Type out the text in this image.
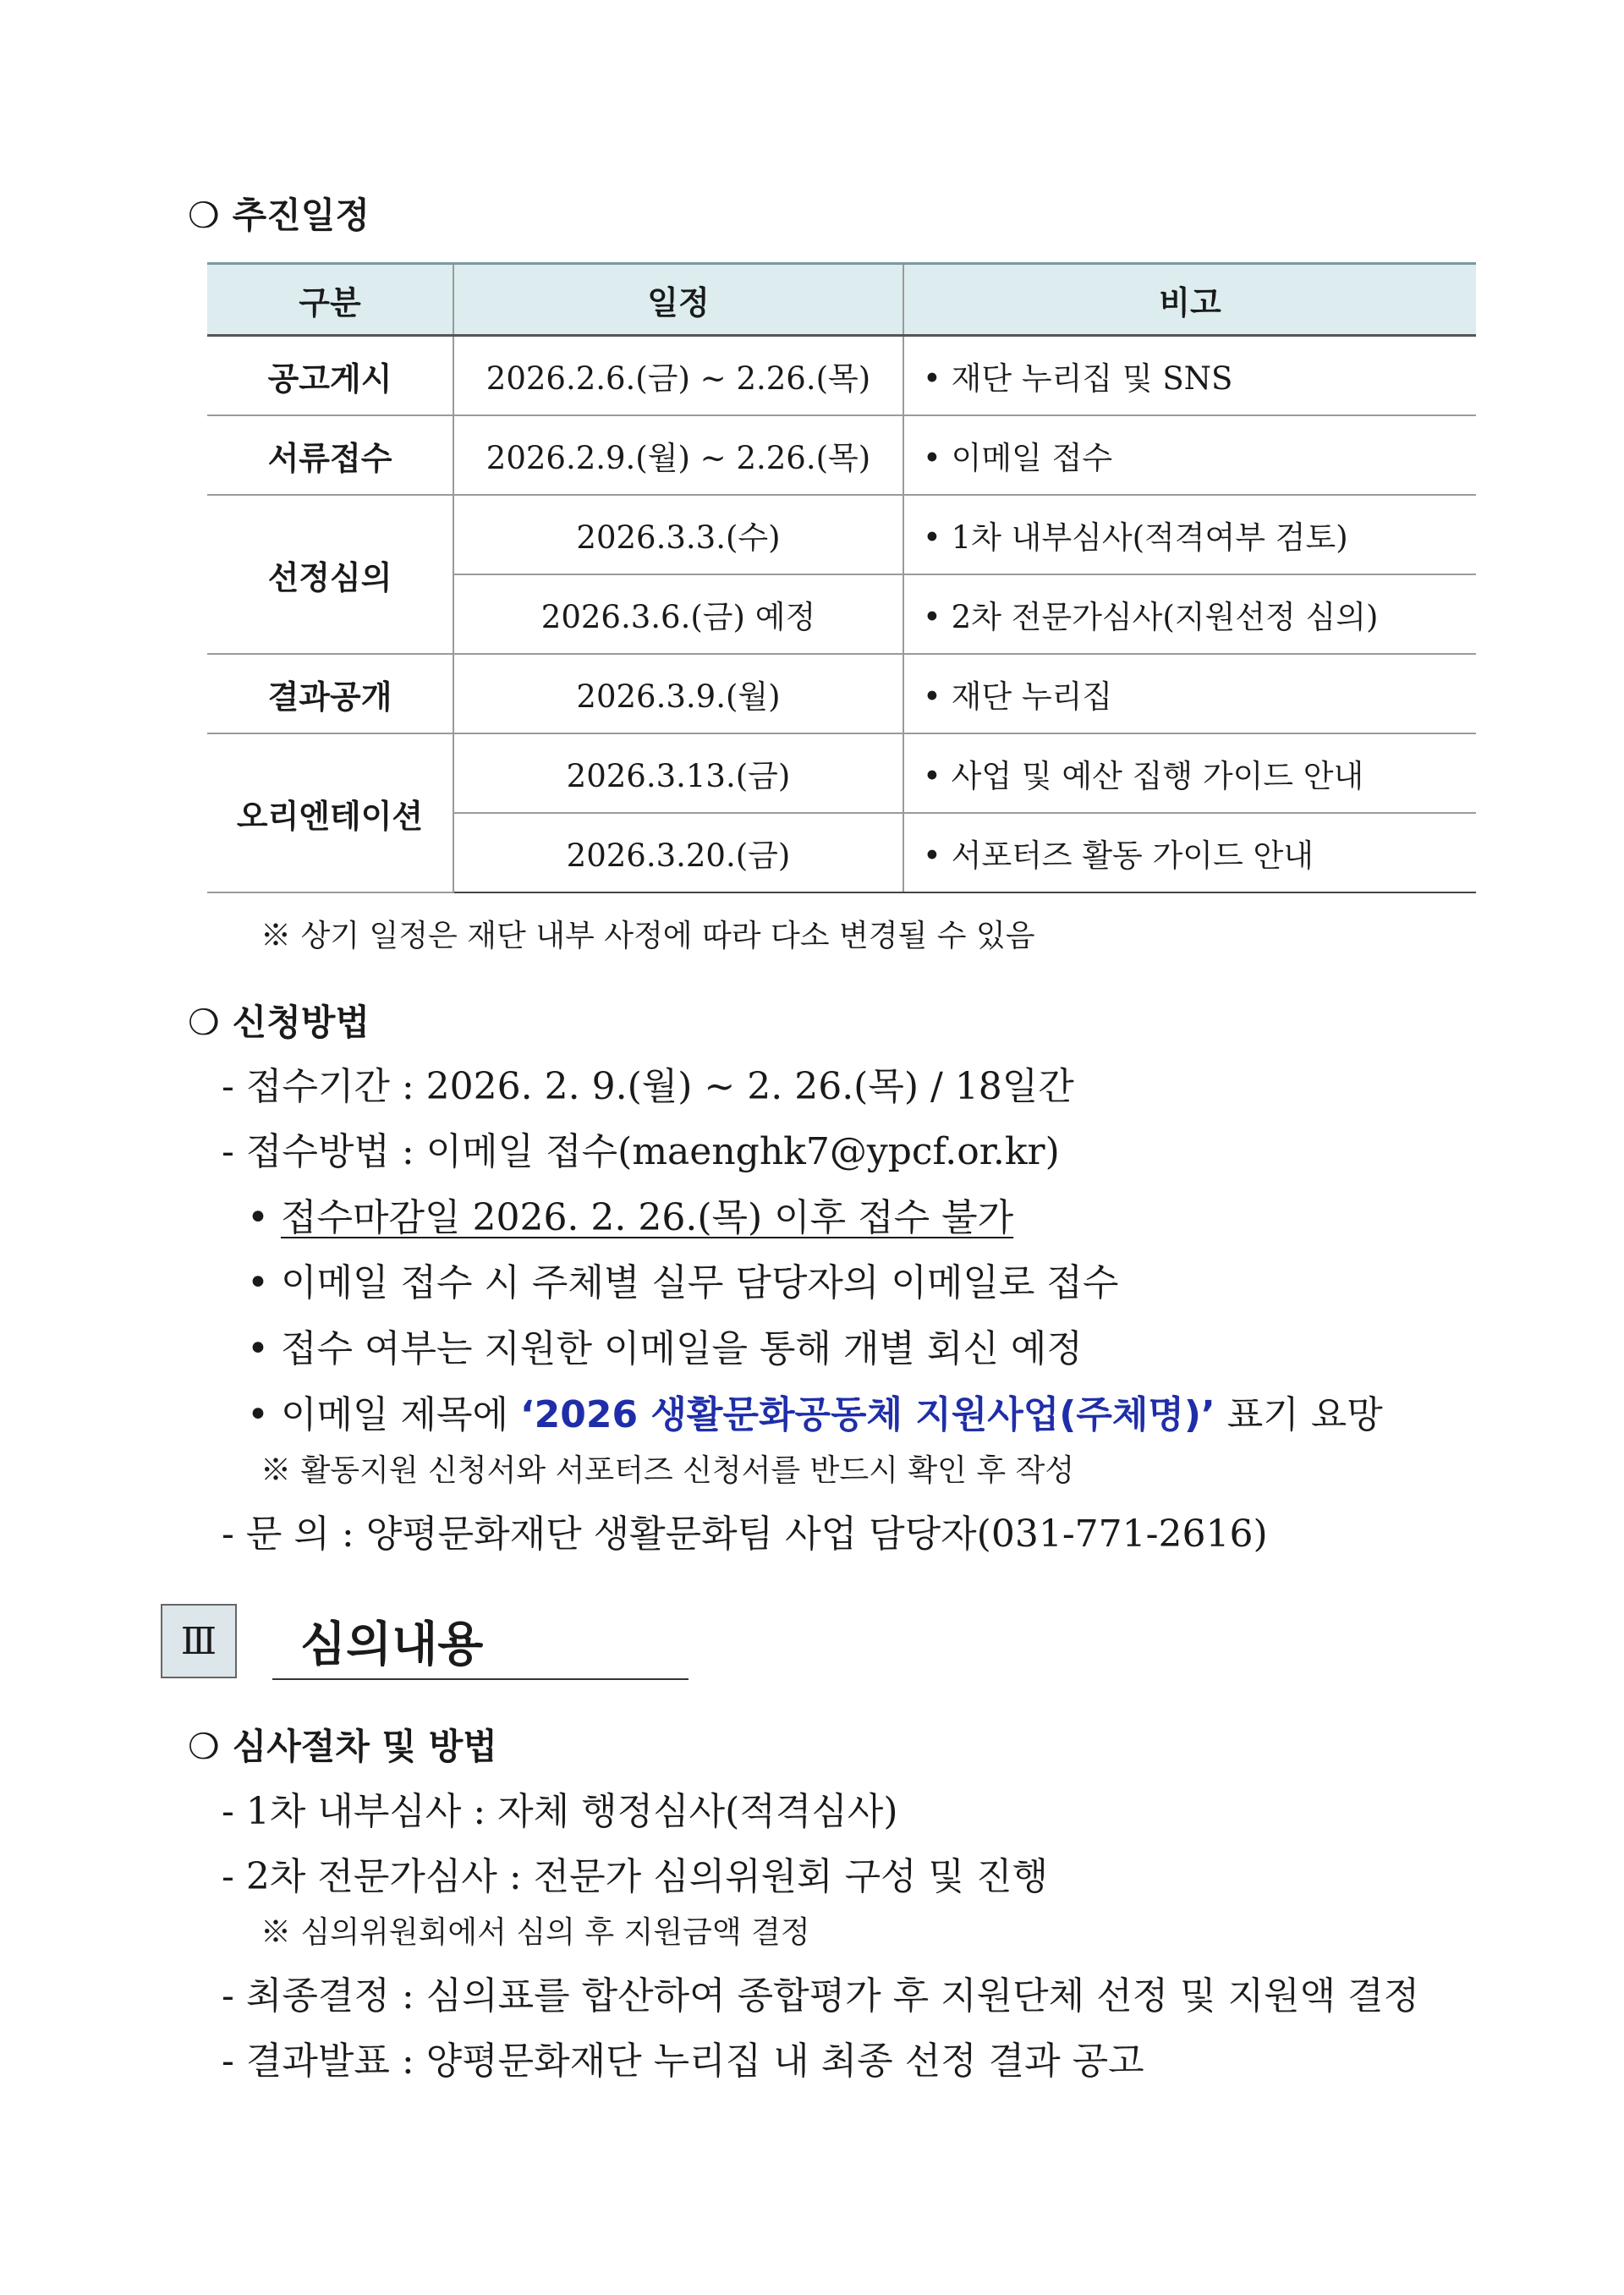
❍ 추진일정
구분	일정	비고
공고게시	2026.2.6.(금) ~ 2.26.(목)	• 재단 누리집 및 SNS
서류접수	2026.2.9.(월) ~ 2.26.(목)	• 이메일 접수
선정심의	2026.3.3.(수)	• 1차 내부심사(적격여부 검토)
	2026.3.6.(금) 예정	• 2차 전문가심사(지원선정 심의)
결과공개	2026.3.9.(월)	• 재단 누리집
오리엔테이션	2026.3.13.(금)	• 사업 및 예산 집행 가이드 안내
	2026.3.20.(금)	• 서포터즈 활동 가이드 안내
※ 상기 일정은 재단 내부 사정에 따라 다소 변경될 수 있음
❍ 신청방법
- 접수기간 : 2026. 2. 9.(월) ~ 2. 26.(목) / 18일간
- 접수방법 : 이메일 접수(maenghk7@ypcf.or.kr)
• 접수마감일 2026. 2. 26.(목) 이후 접수 불가
• 이메일 접수 시 주체별 실무 담당자의 이메일로 접수
• 접수 여부는 지원한 이메일을 통해 개별 회신 예정
• 이메일 제목에 ‘2026 생활문화공동체 지원사업(주체명)’ 표기 요망
※ 활동지원 신청서와 서포터즈 신청서를 반드시 확인 후 작성
- 문 의 : 양평문화재단 생활문화팀 사업 담당자(031-771-2616)
Ⅲ	심의내용
❍ 심사절차 및 방법
- 1차 내부심사 : 자체 행정심사(적격심사)
- 2차 전문가심사 : 전문가 심의위원회 구성 및 진행
※ 심의위원회에서 심의 후 지원금액 결정
- 최종결정 : 심의표를 합산하여 종합평가 후 지원단체 선정 및 지원액 결정
- 결과발표 : 양평문화재단 누리집 내 최종 선정 결과 공고
